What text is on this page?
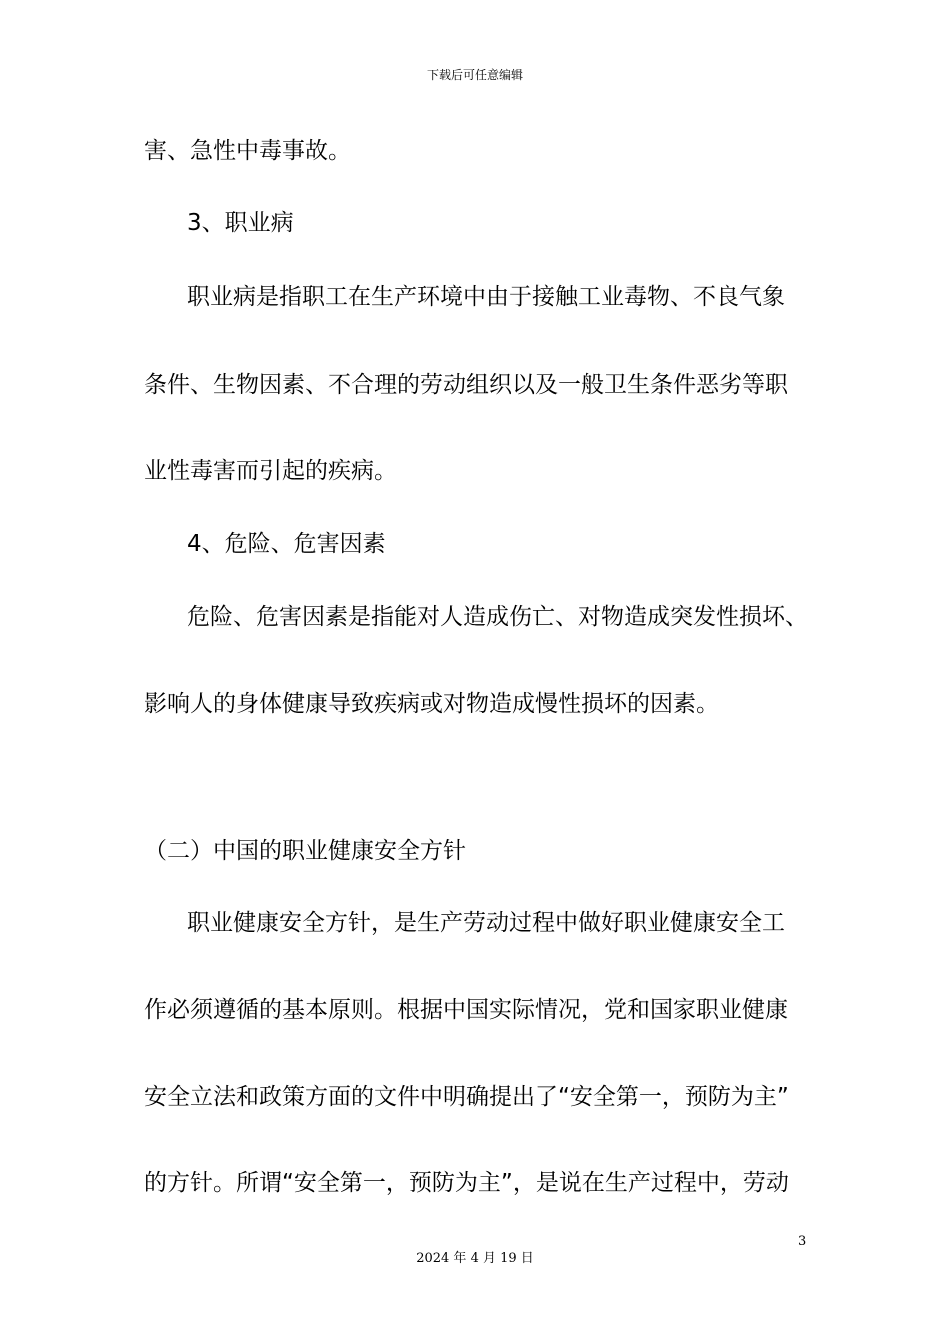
下载后可任意编辑
害、急性中毒事故。
3、职业病
职业病是指职工在生产环境中由于接触工业毒物、不良气象
条件、生物因素、不合理的劳动组织以及一般卫生条件恶劣等职
业性毒害而引起的疾病。
4、危险、危害因素
危险、危害因素是指能对人造成伤亡、对物造成突发性损坏、
影响人的身体健康导致疾病或对物造成慢性损坏的因素。
（二）中国的职业健康安全方针
职业健康安全方针，是生产劳动过程中做好职业健康安全工
作必须遵循的基本原则。根据中国实际情况，党和国家职业健康
安全立法和政策方面的文件中明确提出了“安全第一，预防为主”
的方针。所谓“安全第一，预防为主”，是说在生产过程中，劳动
3
2024 年 4 月 19 日
